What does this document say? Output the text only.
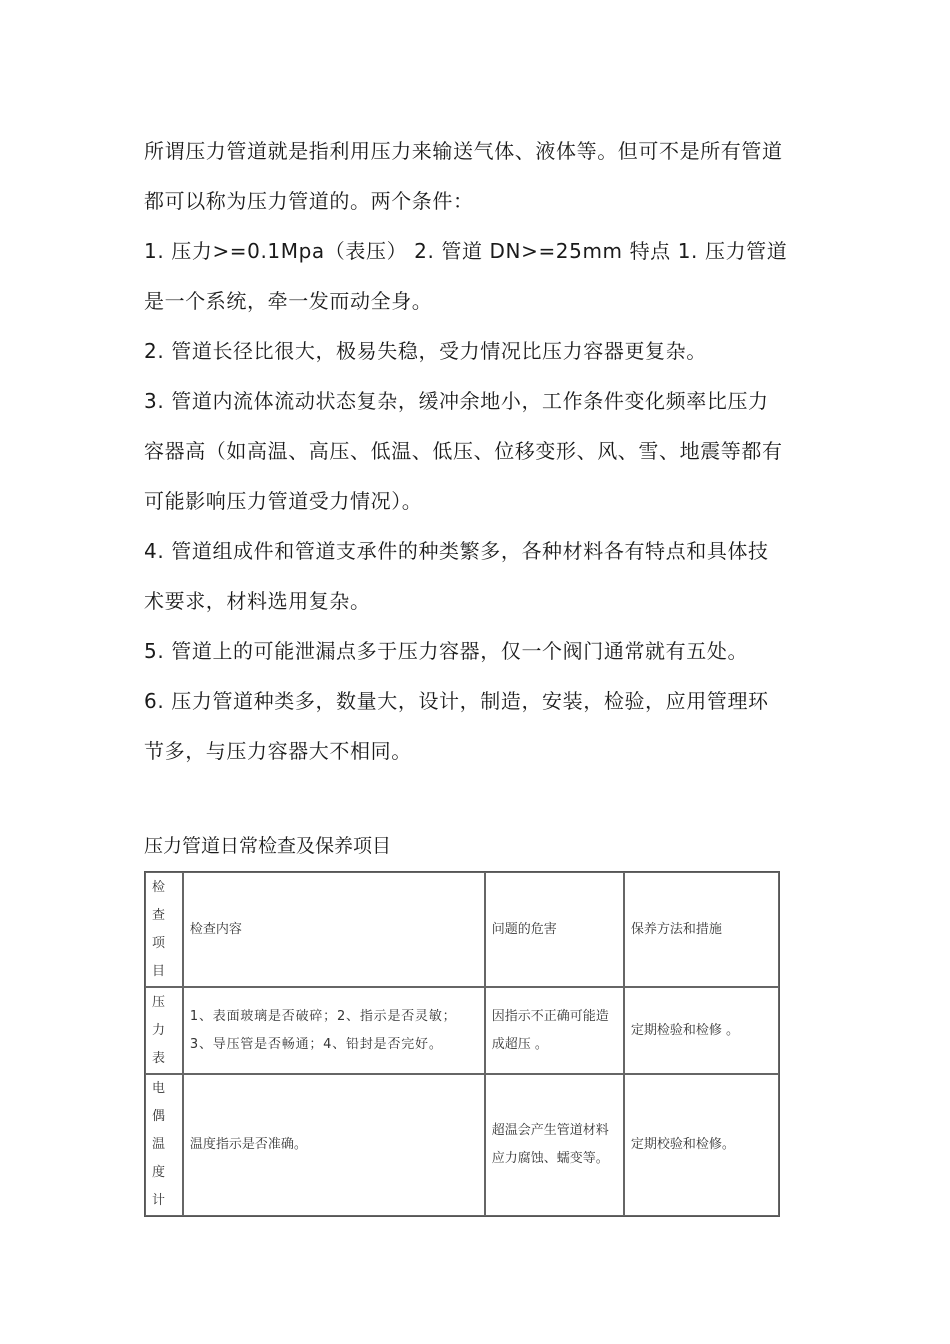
所谓压力管道就是指利用压力来输送气体、液体等。但可不是所有管道

都可以称为压力管道的。两个条件：

1. 压力>=0.1Mpa（表压） 2. 管道 DN>=25mm 特点 1. 压力管道

是一个系统，牵一发而动全身。

2. 管道长径比很大，极易失稳，受力情况比压力容器更复杂。

3. 管道内流体流动状态复杂，缓冲余地小，工作条件变化频率比压力

容器高（如高温、高压、低温、低压、位移变形、风、雪、地震等都有

可能影响压力管道受力情况）。

4. 管道组成件和管道支承件的种类繁多，各种材料各有特点和具体技

术要求，材料选用复杂。

5. 管道上的可能泄漏点多于压力容器，仅一个阀门通常就有五处。

6. 压力管道种类多，数量大，设计，制造，安装，检验，应用管理环

节多，与压力容器大不相同。

压力管道日常检查及保养项目
检查项目	检查内容	问题的危害	保养方法和措施

压力表	1、表面玻璃是否破碎；2、指示是否灵敏；3、导压管是否畅通；4、铅封是否完好。	因指示不正确可能造成超压 。	定期检验和检修 。

电偶温度计	温度指示是否准确。	超温会产生管道材料应力腐蚀、蠕变等。	定期校验和检修。
